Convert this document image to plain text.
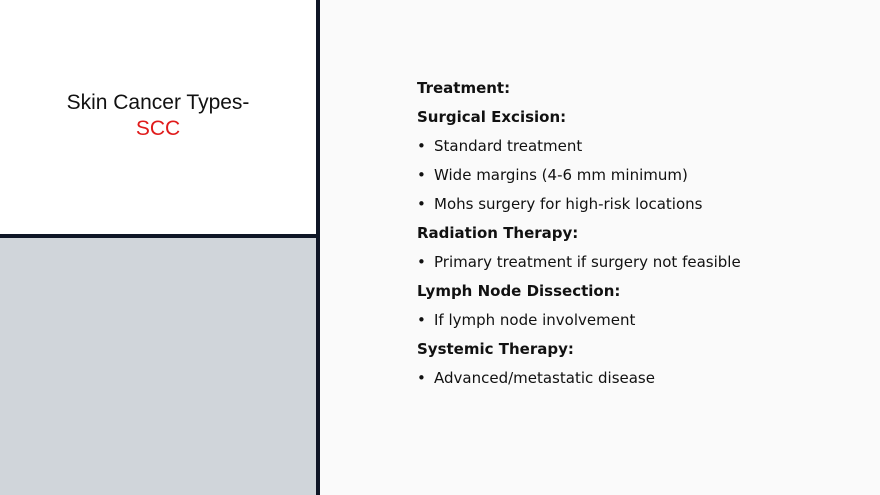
Skin Cancer Types-
SCC
Treatment:
Surgical Excision:
• Standard treatment
• Wide margins (4-6 mm minimum)
• Mohs surgery for high-risk locations
Radiation Therapy:
• Primary treatment if surgery not feasible
Lymph Node Dissection:
• If lymph node involvement
Systemic Therapy:
• Advanced/metastatic disease
